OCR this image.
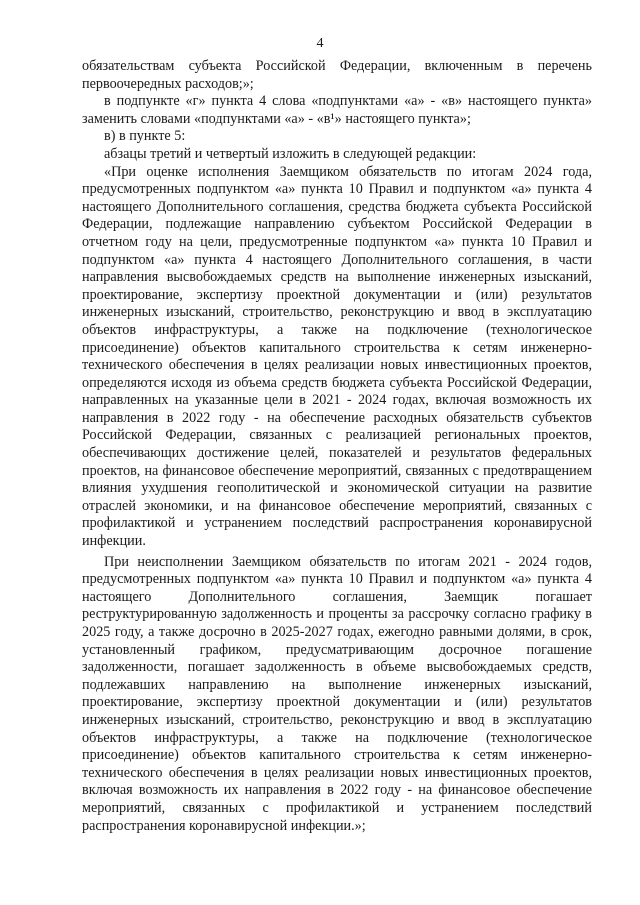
4

обязательствам субъекта Российской Федерации, включенным в перечень первоочередных расходов;»;

в подпункте «г» пункта 4 слова «подпунктами «а» - «в» настоящего пункта» заменить словами «подпунктами «а» - «в¹» настоящего пункта»;

в) в пункте 5:

абзацы третий и четвертый изложить в следующей редакции:

«При оценке исполнения Заемщиком обязательств по итогам 2024 года, предусмотренных подпунктом «а» пункта 10 Правил и подпунктом «а» пункта 4 настоящего Дополнительного соглашения, средства бюджета субъекта Российской Федерации, подлежащие направлению субъектом Российской Федерации в отчетном году на цели, предусмотренные подпунктом «а» пункта 10 Правил и подпунктом «а» пункта 4 настоящего Дополнительного соглашения, в части направления высвобождаемых средств на выполнение инженерных изысканий, проектирование, экспертизу проектной документации и (или) результатов инженерных изысканий, строительство, реконструкцию и ввод в эксплуатацию объектов инфраструктуры, а также на подключение (технологическое присоединение) объектов капитального строительства к сетям инженерно-технического обеспечения в целях реализации новых инвестиционных проектов, определяются исходя из объема средств бюджета субъекта Российской Федерации, направленных на указанные цели в 2021 - 2024 годах, включая возможность их направления в 2022 году - на обеспечение расходных обязательств субъектов Российской Федерации, связанных с реализацией региональных проектов, обеспечивающих достижение целей, показателей и результатов федеральных проектов, на финансовое обеспечение мероприятий, связанных с предотвращением влияния ухудшения геополитической и экономической ситуации на развитие отраслей экономики, и на финансовое обеспечение мероприятий, связанных с профилактикой и устранением последствий распространения коронавирусной инфекции.

При неисполнении Заемщиком обязательств по итогам 2021 - 2024 годов, предусмотренных подпунктом «а» пункта 10 Правил и подпунктом «а» пункта 4 настоящего Дополнительного соглашения, Заемщик погашает реструктурированную задолженность и проценты за рассрочку согласно графику в 2025 году, а также досрочно в 2025-2027 годах, ежегодно равными долями, в срок, установленный графиком, предусматривающим досрочное погашение задолженности, погашает задолженность в объеме высвобождаемых средств, подлежавших направлению на выполнение инженерных изысканий, проектирование, экспертизу проектной документации и (или) результатов инженерных изысканий, строительство, реконструкцию и ввод в эксплуатацию объектов инфраструктуры, а также на подключение (технологическое присоединение) объектов капитального строительства к сетям инженерно-технического обеспечения в целях реализации новых инвестиционных проектов, включая возможность их направления в 2022 году - на финансовое обеспечение мероприятий, связанных с профилактикой и устранением последствий распространения коронавирусной инфекции.»;
